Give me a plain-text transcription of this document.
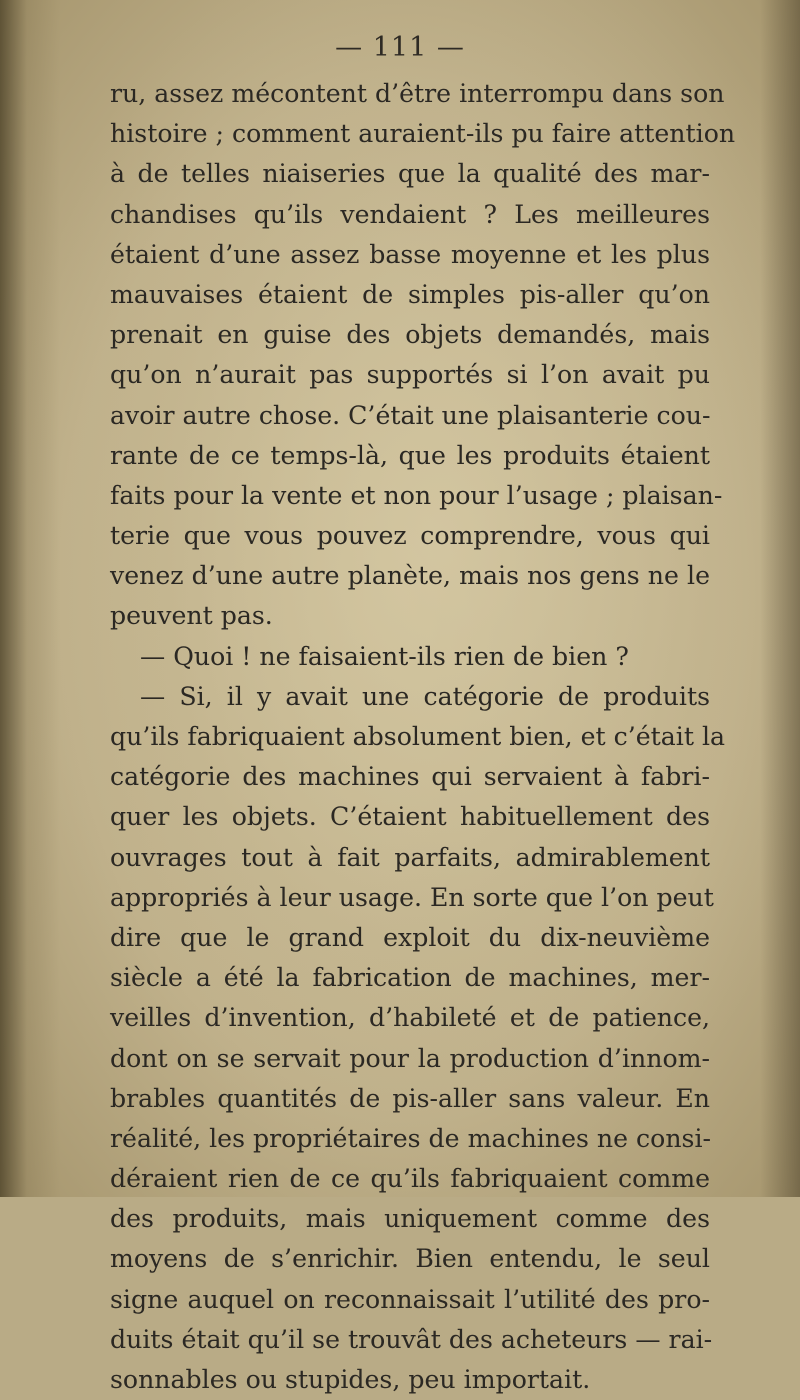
— 111 —
ru, assez mécontent d’être interrompu dans son
histoire ; comment auraient-ils pu faire attention
à de telles niaiseries que la qualité des mar-
chandises qu’ils vendaient ? Les meilleures
étaient d’une assez basse moyenne et les plus
mauvaises étaient de simples pis-aller qu’on
prenait en guise des objets demandés, mais
qu’on n’aurait pas supportés si l’on avait pu
avoir autre chose. C’était une plaisanterie cou-
rante de ce temps-là, que les produits étaient
faits pour la vente et non pour l’usage ; plaisan-
terie que vous pouvez comprendre, vous qui
venez d’une autre planète, mais nos gens ne le
peuvent pas.
— Quoi ! ne faisaient-ils rien de bien ?
— Si, il y avait une catégorie de produits
qu’ils fabriquaient absolument bien, et c’était la
catégorie des machines qui servaient à fabri-
quer les objets. C’étaient habituellement des
ouvrages tout à fait parfaits, admirablement
appropriés à leur usage. En sorte que l’on peut
dire que le grand exploit du dix-neuvième
siècle a été la fabrication de machines, mer-
veilles d’invention, d’habileté et de patience,
dont on se servait pour la production d’innom-
brables quantités de pis-aller sans valeur. En
réalité, les propriétaires de machines ne consi-
déraient rien de ce qu’ils fabriquaient comme
des produits, mais uniquement comme des
moyens de s’enrichir. Bien entendu, le seul
signe auquel on reconnaissait l’utilité des pro-
duits était qu’il se trouvât des acheteurs — rai-
sonnables ou stupides, peu importait.
